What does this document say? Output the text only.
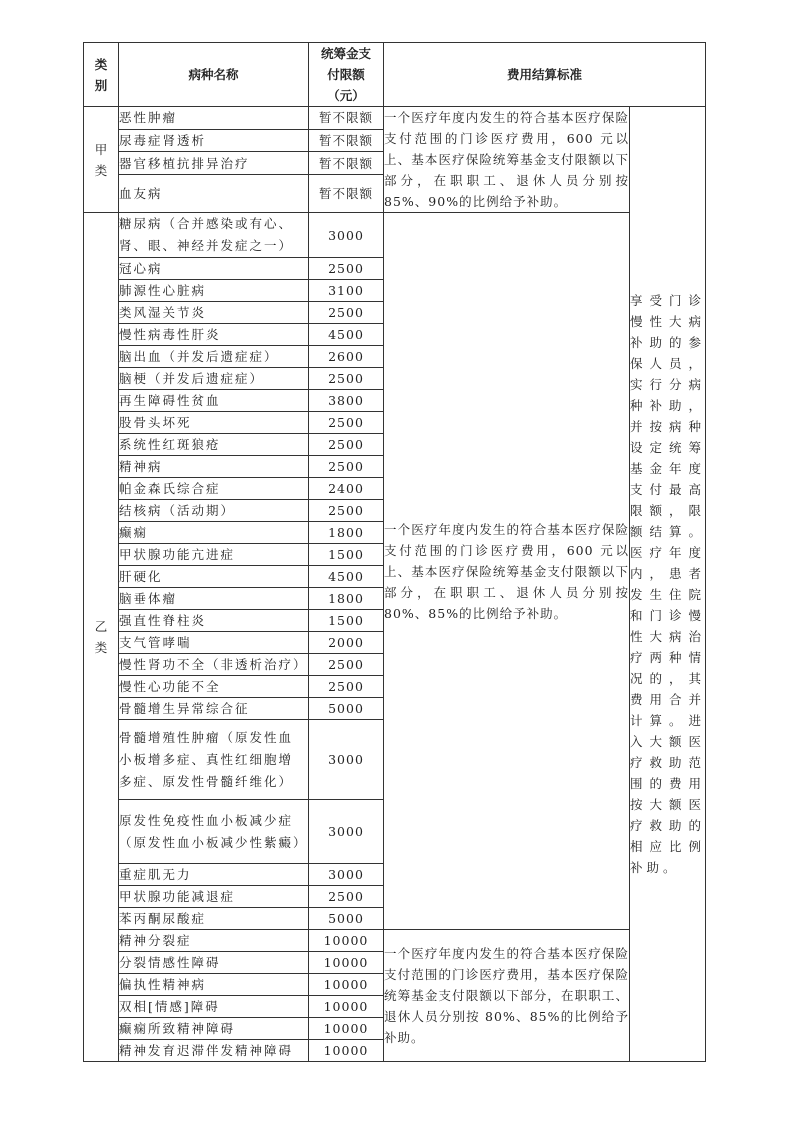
类别	病种名称	统筹金支付限额（元）	费用结算标准	
甲类	恶性肿瘤	暂不限额	一个医疗年度内发生的符合基本医疗保险支付范围的门诊医疗费用，600 元以上、基本医疗保险统筹基金支付限额以下部分，在职职工、退休人员分别按85%、90%的比例给予补助。	享受门诊慢性大病补助的参保人员，实行分病种补助，并按病种设定统筹基金年度支付最高限额，限额结算。医疗年度内，患者发生住院和门诊慢性大病治疗两种情况的，其费用合并计算。进入大额医疗救助范围的费用按大额医疗救助的相应比例补助。
	尿毒症肾透析	暂不限额		
	器官移植抗排异治疗	暂不限额		
	血友病	暂不限额		
乙类	糖尿病（合并感染或有心、肾、眼、神经并发症之一）	3000	一个医疗年度内发生的符合基本医疗保险支付范围的门诊医疗费用，600 元以上、基本医疗保险统筹基金支付限额以下部分，在职职工、退休人员分别按80%、85%的比例给予补助。	
	冠心病	2500		
	肺源性心脏病	3100		
	类风湿关节炎	2500		
	慢性病毒性肝炎	4500		
	脑出血（并发后遗症症）	2600		
	脑梗（并发后遗症症）	2500		
	再生障碍性贫血	3800		
	股骨头坏死	2500		
	系统性红斑狼疮	2500		
	精神病	2500		
	帕金森氏综合症	2400		
	结核病（活动期）	2500		
	癫痫	1800		
	甲状腺功能亢进症	1500		
	肝硬化	4500		
	脑垂体瘤	1800		
	强直性脊柱炎	1500		
	支气管哮喘	2000		
	慢性肾功不全（非透析治疗）	2500		
	慢性心功能不全	2500		
	骨髓增生异常综合征	5000		
	骨髓增殖性肿瘤（原发性血小板增多症、真性红细胞增多症、原发性骨髓纤维化）	3000		
	原发性免疫性血小板减少症（原发性血小板减少性紫癜）	3000		
	重症肌无力	3000		
	甲状腺功能减退症	2500		
	苯丙酮尿酸症	5000		
	精神分裂症	10000	一个医疗年度内发生的符合基本医疗保险支付范围的门诊医疗费用，基本医疗保险统筹基金支付限额以下部分，在职职工、退休人员分别按 80%、85%的比例给予补助。	
	分裂情感性障碍	10000		
	偏执性精神病	10000		
	双相[情感]障碍	10000		
	癫痫所致精神障碍	10000		
	精神发育迟滞伴发精神障碍	10000		
